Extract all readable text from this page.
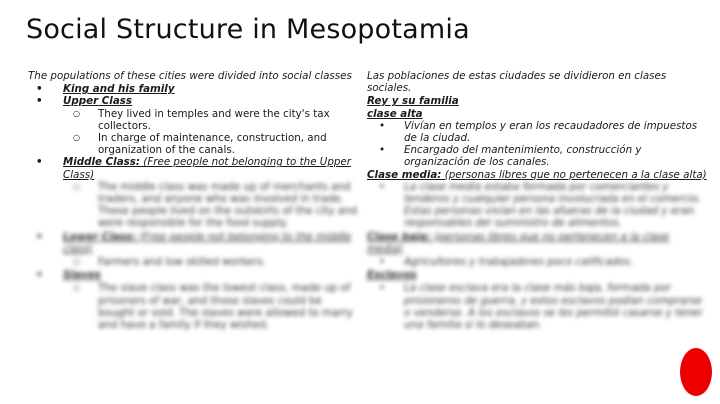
Social Structure in Mesopotamia
The populations of these cities were divided into social classes
• King and his family
• Upper Class
○ They lived in temples and were the city's tax collectors.
○ In charge of maintenance, construction, and organization of the canals.
• Middle Class: (Free people not belonging to the Upper Class)
○ The middle class was made up of merchants and traders, and anyone who was involved in trade. These people lived on the outskirts of the city and were responsible for the food supply.
• Lower Class: (Free people not belonging to the middle class)
○ Farmers and low skilled workers.
• Slaves
○ The slave class was the lowest class, made up of prisoners of war, and those slaves could be bought or sold. The slaves were allowed to marry and have a family if they wished.
Las poblaciones de estas ciudades se dividieron en clases sociales.
Rey y su familia
clase alta
• Vivían en templos y eran los recaudadores de impuestos de la ciudad.
• Encargado del mantenimiento, construcción y organización de los canales.
Clase media: (personas libres que no pertenecen a la clase alta)
• La clase media estaba formada por comerciantes y tenderos y cualquier persona involucrada en el comercio. Estas personas vivían en las afueras de la ciudad y eran responsables del suministro de alimentos.
Clase baja: (personas libres que no pertenecen a la clase media)
• Agricultores y trabajadores poco calificados.
Esclavos
• La clase esclava era la clase más baja, formada por prisioneros de guerra, y estos esclavos podían comprarse o venderse. A los esclavos se les permitió casarse y tener una familia si lo deseaban.
